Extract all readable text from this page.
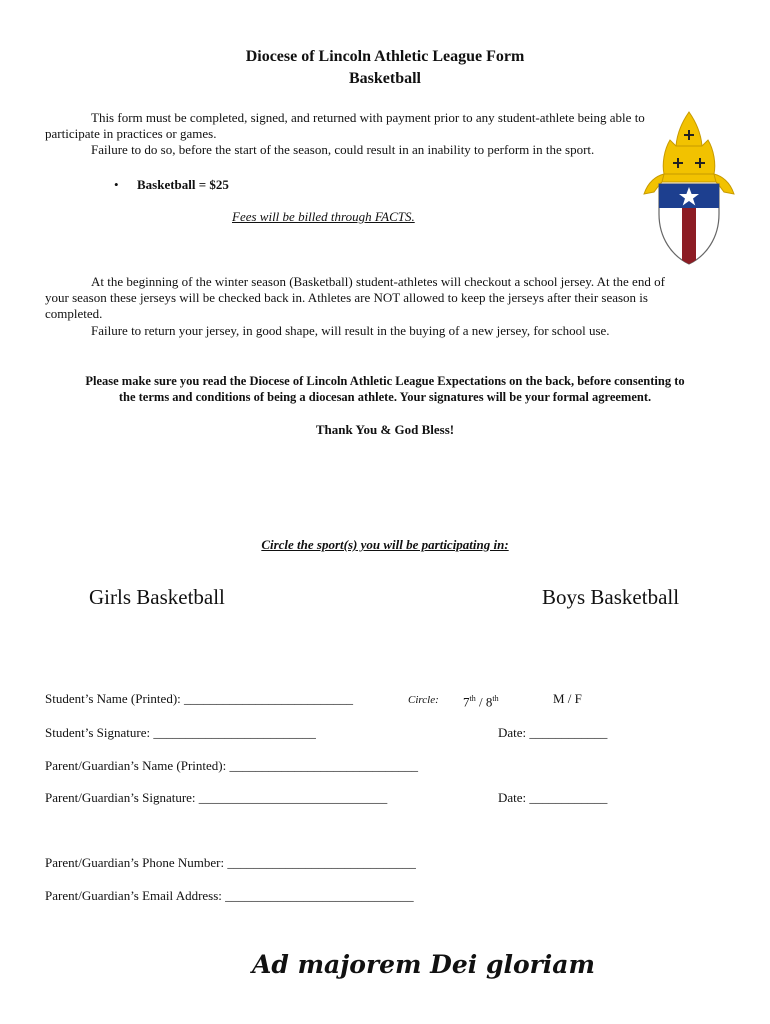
Diocese of Lincoln Athletic League Form
Basketball
This form must be completed, signed, and returned with payment prior to any student-athlete being able to
participate in practices or games.
Failure to do so, before the start of the season, could result in an inability to perform in the sport.
• Basketball = $25
Fees will be billed through FACTS.
At the beginning of the winter season (Basketball) student-athletes will checkout a school jersey. At the end of
your season these jerseys will be checked back in. Athletes are NOT allowed to keep the jerseys after their season is
completed.
Failure to return your jersey, in good shape, will result in the buying of a new jersey, for school use.
Please make sure you read the Diocese of Lincoln Athletic League Expectations on the back, before consenting to
the terms and conditions of being a diocesan athlete. Your signatures will be your formal agreement.
Thank You & God Bless!
Circle the sport(s) you will be participating in:
Girls Basketball	Boys Basketball
Student’s Name (Printed): __________________________	Circle: 7th / 8th	M / F
Student’s Signature: _________________________	Date: ____________
Parent/Guardian’s Name (Printed): _____________________________
Parent/Guardian’s Signature: _____________________________	Date: ____________
Parent/Guardian’s Phone Number: _____________________________
Parent/Guardian’s Email Address: _____________________________
Ad majorem Dei gloriam
